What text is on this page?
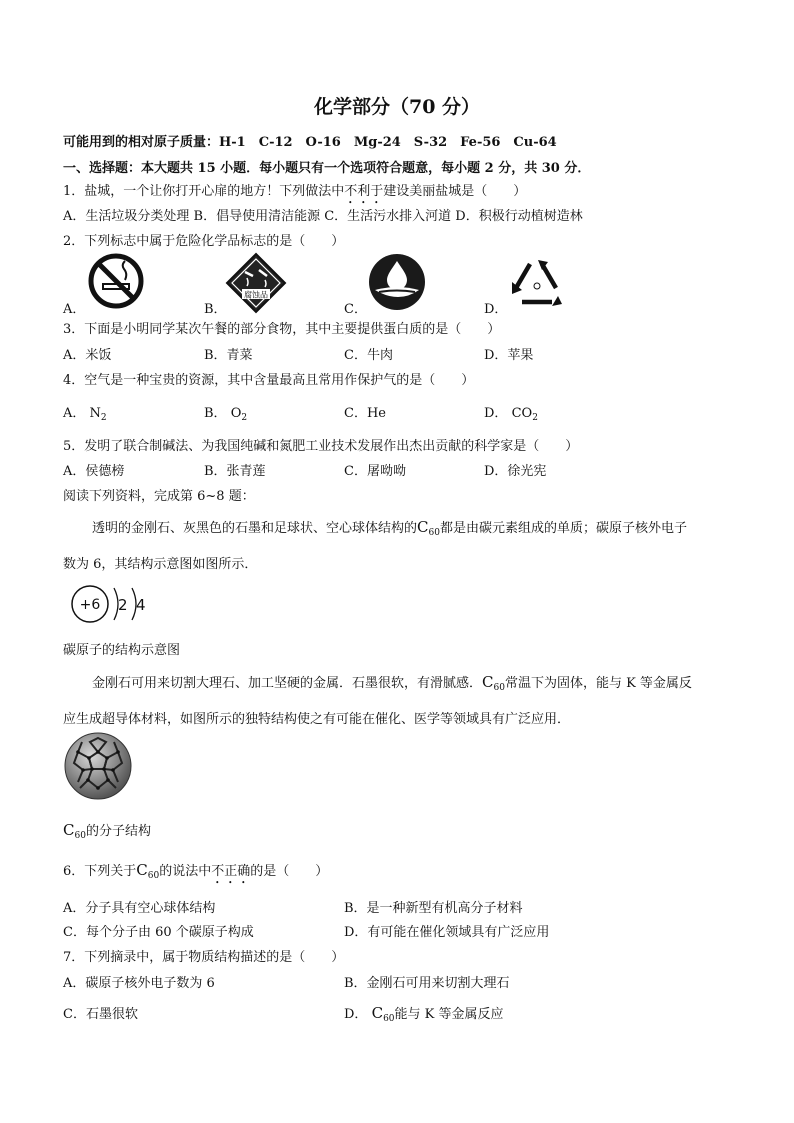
化学部分（70 分）
可能用到的相对原子质量：H-1　C-12　O-16　Mg-24　S-32　Fe-56　Cu-64
一、选择题：本大题共 15 小题．每小题只有一个选项符合题意，每小题 2 分，共 30 分．
1．盐城，一个让你打开心扉的地方！下列做法中不利于建设美丽盐城是（　　）
A．生活垃圾分类处理 B．倡导使用清洁能源 C．生活污水排入河道 D．积极行动植树造林
2．下列标志中属于危险化学品标志的是（　　）
A．
腐蚀品
B．	C．	D．
3．下面是小明同学某次午餐的部分食物，其中主要提供蛋白质的是（　　）
A．米饭	B．青菜	C．牛肉	D．苹果
4．空气是一种宝贵的资源，其中含量最高且常用作保护气的是（　　）
A． $N_2$	B． $O_2$	C．He	D． $CO_2$
5．发明了联合制碱法、为我国纯碱和氮肥工业技术发展作出杰出贡献的科学家是（　　）
A．侯德榜	B．张青莲	C．屠呦呦	D．徐光宪
阅读下列资料，完成第 6~8 题：
透明的金刚石、灰黑色的石墨和足球状、空心球体结构的$C_{60}$都是由碳元素组成的单质；碳原子核外电子
数为 6，其结构示意图如图所示．
+6 2 4
碳原子的结构示意图
金刚石可用来切割大理石、加工坚硬的金属．石墨很软，有滑腻感．$C_{60}$常温下为固体，能与 K 等金属反
应生成超导体材料，如图所示的独特结构使之有可能在催化、医学等领域具有广泛应用．
$C_{60}$的分子结构
6．下列关于$C_{60}$的说法中不正确的是（　　）
A．分子具有空心球体结构	B．是一种新型有机高分子材料
C．每个分子由 60 个碳原子构成	D．有可能在催化领域具有广泛应用
7．下列摘录中，属于物质结构描述的是（　　）
A．碳原子核外电子数为 6	B．金刚石可用来切割大理石
C．石墨很软	D． $C_{60}$能与 K 等金属反应
